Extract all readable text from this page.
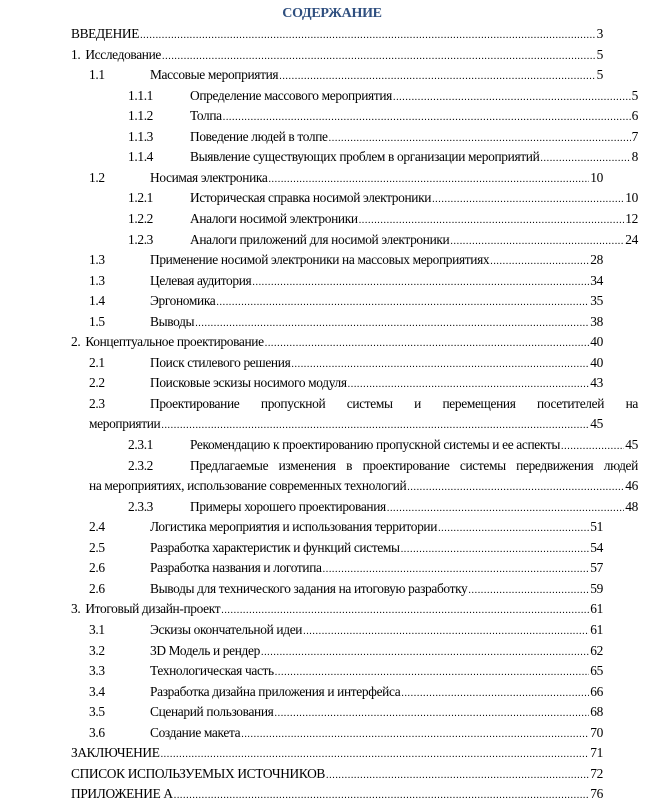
СОДЕРЖАНИЕ
ВВЕДЕНИЕ .....	3
1. Исследование .....	5
1.1	Массовые мероприятия .....	5
1.1.1	Определение массового мероприятия .....	5
1.1.2	Толпа .....	6
1.1.3	Поведение людей в толпе .....	7
1.1.4	Выявление существующих проблем в организации мероприятий .....	8
1.2	Носимая электроника .....	10
1.2.1	Историческая справка носимой электроники .....	10
1.2.2	Аналоги носимой электроники .....	12
1.2.3	Аналоги приложений для носимой электроники .....	24
1.3	Применение носимой электроники на массовых мероприятиях .....	28
1.3	Целевая аудитория .....	34
1.4	Эргономика .....	35
1.5	Выводы .....	38
2. Концептуальное проектирование .....	40
2.1	Поиск стилевого решения .....	40
2.2	Поисковые эскизы носимого модуля .....	43
2.3	Проектирование пропускной системы и перемещения посетителей на
мероприятии .....	45
2.3.1	Рекомендацию к проектированию пропускной системы и ее аспекты .....	45
2.3.2	Предлагаемые изменения в проектирование системы передвижения людей
на мероприятиях, использование современных технологий .....	46
2.3.3	Примеры хорошего проектирования .....	48
2.4	Логистика мероприятия и использования территории .....	51
2.5	Разработка характеристик и функций системы .....	54
2.6	Разработка названия и логотипа .....	57
2.6	Выводы для технического задания на итоговую разработку .....	59
3. Итоговый дизайн-проект .....	61
3.1	Эскизы окончательной идеи .....	61
3.2	3D Модель и рендер .....	62
3.3	Технологическая часть .....	65
3.4	Разработка дизайна приложения и интерфейса .....	66
3.5	Сценарий пользования .....	68
3.6	Создание макета .....	70
ЗАКЛЮЧЕНИЕ .....	71
СПИСОК ИСПОЛЬЗУЕМЫХ ИСТОЧНИКОВ .....	72
ПРИЛОЖЕНИЕ А .....	76
